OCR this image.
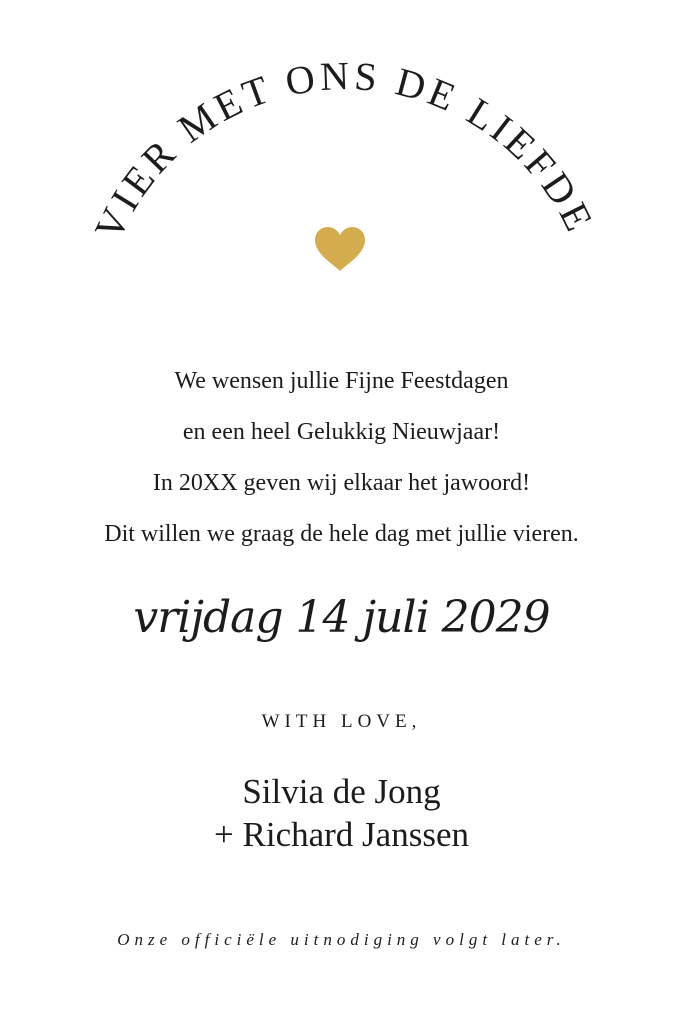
VIER MET ONS DE LIEFDE
We wensen jullie Fijne Feestdagen
en een heel Gelukkig Nieuwjaar!
In 20XX geven wij elkaar het jawoord!
Dit willen we graag de hele dag met jullie vieren.
vrijdag 14 juli 2029
WITH LOVE,
Silvia de Jong
+ Richard Janssen
Onze officiële uitnodiging volgt later.
